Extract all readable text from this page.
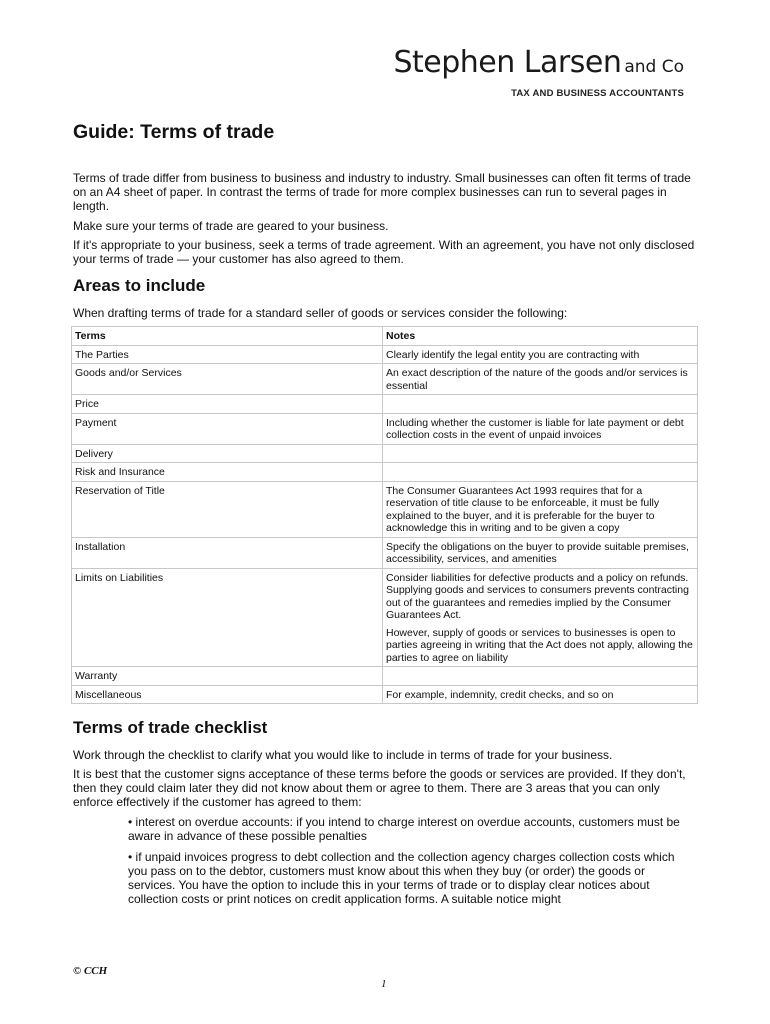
Stephen Larsen and Co
TAX AND BUSINESS ACCOUNTANTS
Guide: Terms of trade
Terms of trade differ from business to business and industry to industry. Small businesses can often fit terms of trade on an A4 sheet of paper. In contrast the terms of trade for more complex businesses can run to several pages in length.
Make sure your terms of trade are geared to your business.
If it's appropriate to your business, seek a terms of trade agreement. With an agreement, you have not only disclosed your terms of trade — your customer has also agreed to them.
Areas to include
When drafting terms of trade for a standard seller of goods or services consider the following:
Terms	Notes
The Parties	Clearly identify the legal entity you are contracting with
Goods and/or Services	An exact description of the nature of the goods and/or services is essential
Price	
Payment	Including whether the customer is liable for late payment or debt collection costs in the event of unpaid invoices
Delivery	
Risk and Insurance	
Reservation of Title	The Consumer Guarantees Act 1993 requires that for a reservation of title clause to be enforceable, it must be fully explained to the buyer, and it is preferable for the buyer to acknowledge this in writing and to be given a copy
Installation	Specify the obligations on the buyer to provide suitable premises, accessibility, services, and amenities
Limits on Liabilities	Consider liabilities for defective products and a policy on refunds. Supplying goods and services to consumers prevents contracting out of the guarantees and remedies implied by the Consumer Guarantees Act.
However, supply of goods or services to businesses is open to parties agreeing in writing that the Act does not apply, allowing the parties to agree on liability

Warranty	
Miscellaneous	For example, indemnity, credit checks, and so on
Terms of trade checklist
Work through the checklist to clarify what you would like to include in terms of trade for your business.
It is best that the customer signs acceptance of these terms before the goods or services are provided. If they don't, then they could claim later they did not know about them or agree to them. There are 3 areas that you can only enforce effectively if the customer has agreed to them:
• interest on overdue accounts: if you intend to charge interest on overdue accounts, customers must be aware in advance of these possible penalties
• if unpaid invoices progress to debt collection and the collection agency charges collection costs which you pass on to the debtor, customers must know about this when they buy (or order) the goods or services. You have the option to include this in your terms of trade or to display clear notices about collection costs or print notices on credit application forms. A suitable notice might
© CCH
1
